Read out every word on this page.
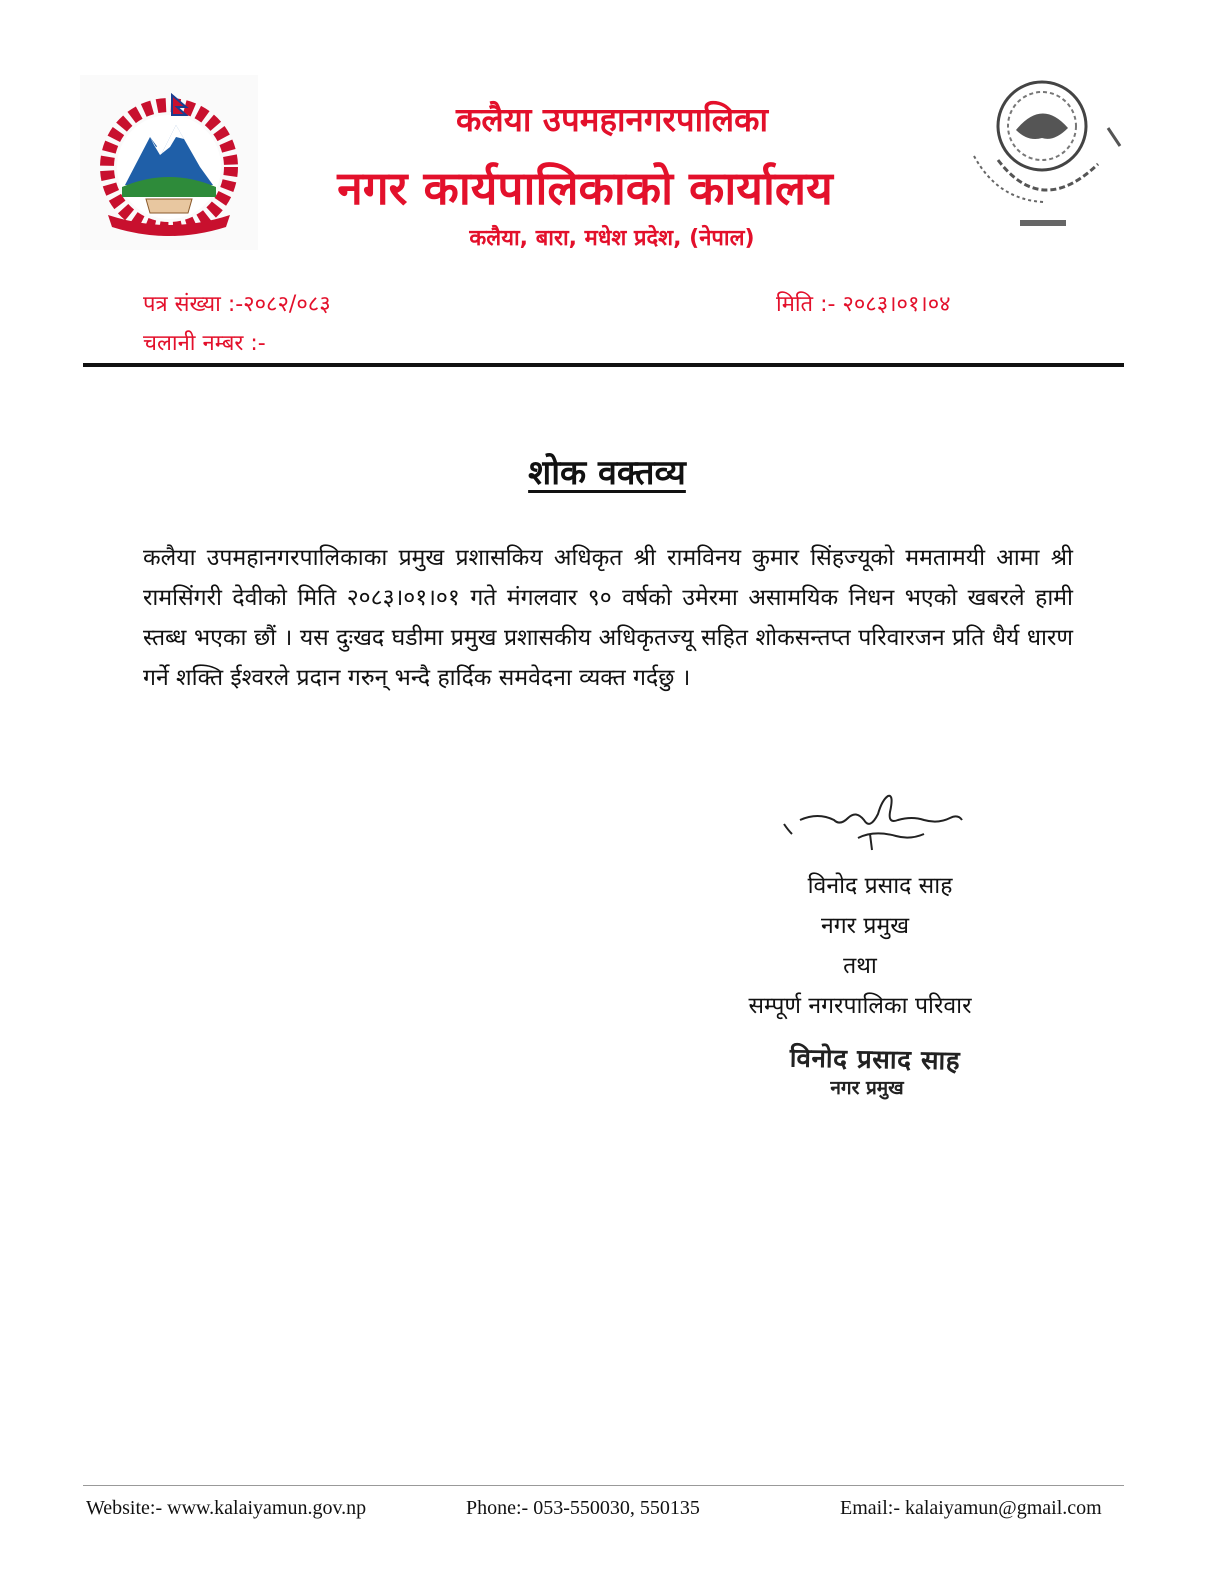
कलैया उपमहानगरपालिका
नगर कार्यपालिकाको कार्यालय
कलैया, बारा, मधेश प्रदेश, (नेपाल)
पत्र संख्या :-२०८२/०८३
चलानी नम्बर :-
मिति :- २०८३।०१।०४
शोक वक्तव्य
कलैया उपमहानगरपालिकाका प्रमुख प्रशासकिय अधिकृत श्री रामविनय कुमार सिंहज्यूको ममतामयी आमा श्री रामसिंगरी देवीको मिति २०८३।०१।०१ गते मंगलवार ९० वर्षको उमेरमा असामयिक निधन भएको खबरले हामी स्तब्ध भएका छौं । यस दुःखद घडीमा प्रमुख प्रशासकीय अधिकृतज्यू सहित शोकसन्तप्त परिवारजन प्रति धैर्य धारण गर्ने शक्ति ईश्वरले प्रदान गरुन् भन्दै हार्दिक समवेदना व्यक्त गर्दछु ।
विनोद प्रसाद साह
नगर प्रमुख
तथा
सम्पूर्ण नगरपालिका परिवार
विनोद प्रसाद साह
नगर प्रमुख
Website:- www.kalaiyamun.gov.np	Phone:- 053-550030, 550135	Email:- kalaiyamun@gmail.com
